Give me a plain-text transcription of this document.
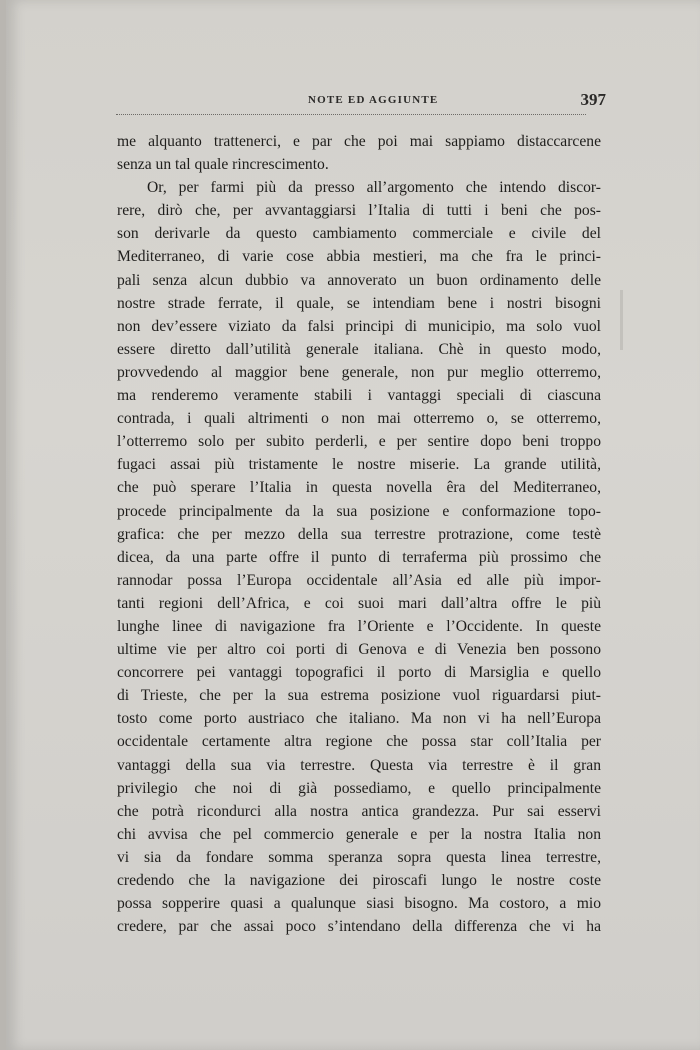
NOTE ED AGGIUNTE	397
me alquanto trattenerci, e par che poi mai sappiamo distaccarcene
senza un tal quale rincrescimento.
Or, per farmi più da presso all’argomento che intendo discor-
rere, dirò che, per avvantaggiarsi l’Italia di tutti i beni che pos-
son derivarle da questo cambiamento commerciale e civile del
Mediterraneo, di varie cose abbia mestieri, ma che fra le princi-
pali senza alcun dubbio va annoverato un buon ordinamento delle
nostre strade ferrate, il quale, se intendiam bene i nostri bisogni
non dev’essere viziato da falsi principi di municipio, ma solo vuol
essere diretto dall’utilità generale italiana. Chè in questo modo,
provvedendo al maggior bene generale, non pur meglio otterremo,
ma renderemo veramente stabili i vantaggi speciali di ciascuna
contrada, i quali altrimenti o non mai otterremo o, se otterremo,
l’otterremo solo per subito perderli, e per sentire dopo beni troppo
fugaci assai più tristamente le nostre miserie. La grande utilità,
che può sperare l’Italia in questa novella êra del Mediterraneo,
procede principalmente da la sua posizione e conformazione topo-
grafica: che per mezzo della sua terrestre protrazione, come testè
dicea, da una parte offre il punto di terraferma più prossimo che
rannodar possa l’Europa occidentale all’Asia ed alle più impor-
tanti regioni dell’Africa, e coi suoi mari dall’altra offre le più
lunghe linee di navigazione fra l’Oriente e l’Occidente. In queste
ultime vie per altro coi porti di Genova e di Venezia ben possono
concorrere pei vantaggi topografici il porto di Marsiglia e quello
di Trieste, che per la sua estrema posizione vuol riguardarsi piut-
tosto come porto austriaco che italiano. Ma non vi ha nell’Europa
occidentale certamente altra regione che possa star coll’Italia per
vantaggi della sua via terrestre. Questa via terrestre è il gran
privilegio che noi di già possediamo, e quello principalmente
che potrà ricondurci alla nostra antica grandezza. Pur sai esservi
chi avvisa che pel commercio generale e per la nostra Italia non
vi sia da fondare somma speranza sopra questa linea terrestre,
credendo che la navigazione dei piroscafi lungo le nostre coste
possa sopperire quasi a qualunque siasi bisogno. Ma costoro, a mio
credere, par che assai poco s’intendano della differenza che vi ha
